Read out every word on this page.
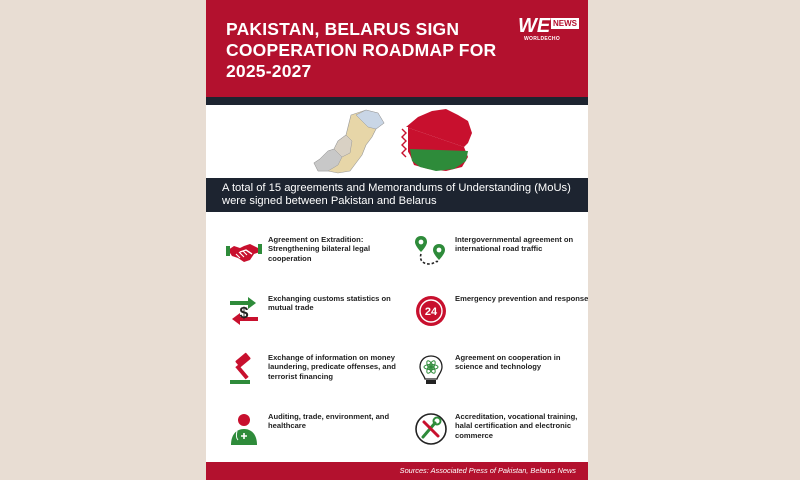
PAKISTAN, BELARUS SIGN
COOPERATION ROADMAP FOR
2025-2027
WE NEWS
WORLDECHO
A total of 15 agreements and Memorandums of Understanding (MoUs) were signed between Pakistan and Belarus
Agreement on Extradition: Strengthening bilateral legal cooperation
Intergovernmental agreement on international road traffic
$
Exchanging customs statistics on mutual trade	24
Emergency prevention and response
Exchange of information on money laundering, predicate offenses, and terrorist financing
Agreement on cooperation in science and technology
Auditing, trade, environment, and healthcare
Accreditation, vocational training, halal certification and electronic commerce
Sources: Associated Press of Pakistan, Belarus News
